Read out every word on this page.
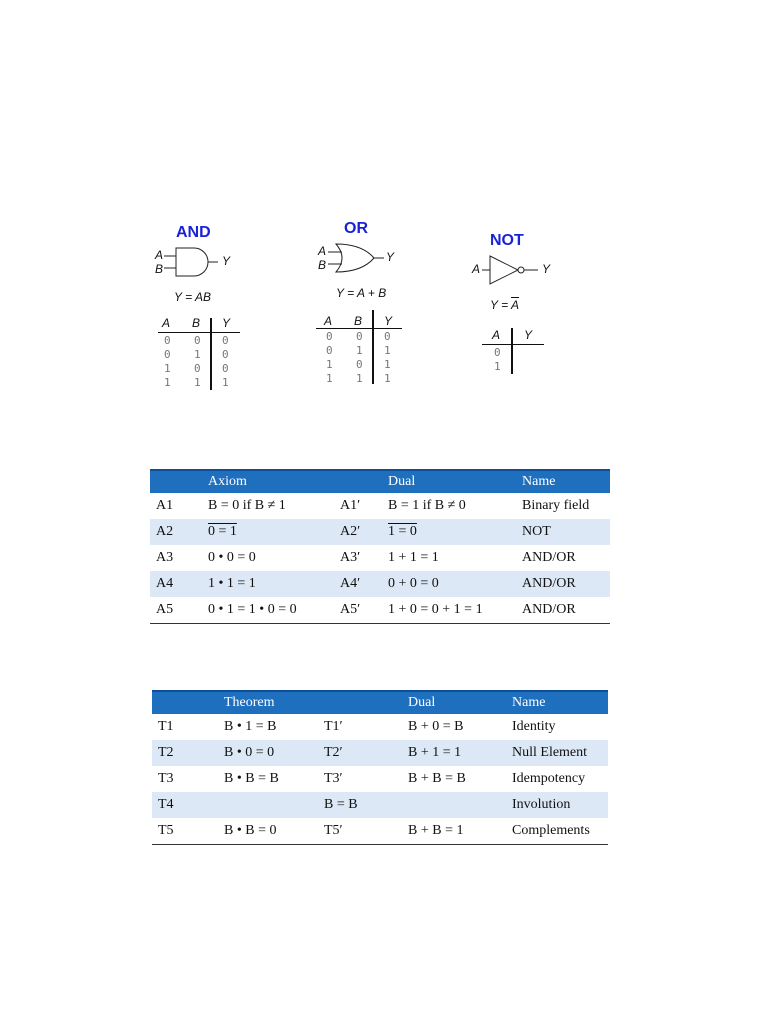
AND
A
B
Y
Y = AB
A B Y
0 0 0
0 1 0
1 0 0
1 1 1
OR
A
B
Y
Y = A + B
A B Y
0 0 0
0 1 1
1 0 1
1 1 1
NOT
A	Y
$Y = \overline{A}$
A Y
0
1
	Axiom		Dual	Name
A1	B = 0 if B ≠ 1	A1′	B = 1 if B ≠ 0	Binary field
A2	0 = 1	A2′	1 = 0	NOT
A3	0 • 0 = 0	A3′	1 + 1 = 1	AND/OR
A4	1 • 1 = 1	A4′	0 + 0 = 0	AND/OR
A5	0 • 1 = 1 • 0 = 0	A5′	1 + 0 = 0 + 1 = 1	AND/OR
	Theorem		Dual	Name
T1	B • 1 = B	T1′	B + 0 = B	Identity
T2	B • 0 = 0	T2′	B + 1 = 1	Null Element
T3	B • B = B	T3′	B + B = B	Idempotency
T4		B = B		Involution
T5	B • B = 0	T5′	B + B = 1	Complements
